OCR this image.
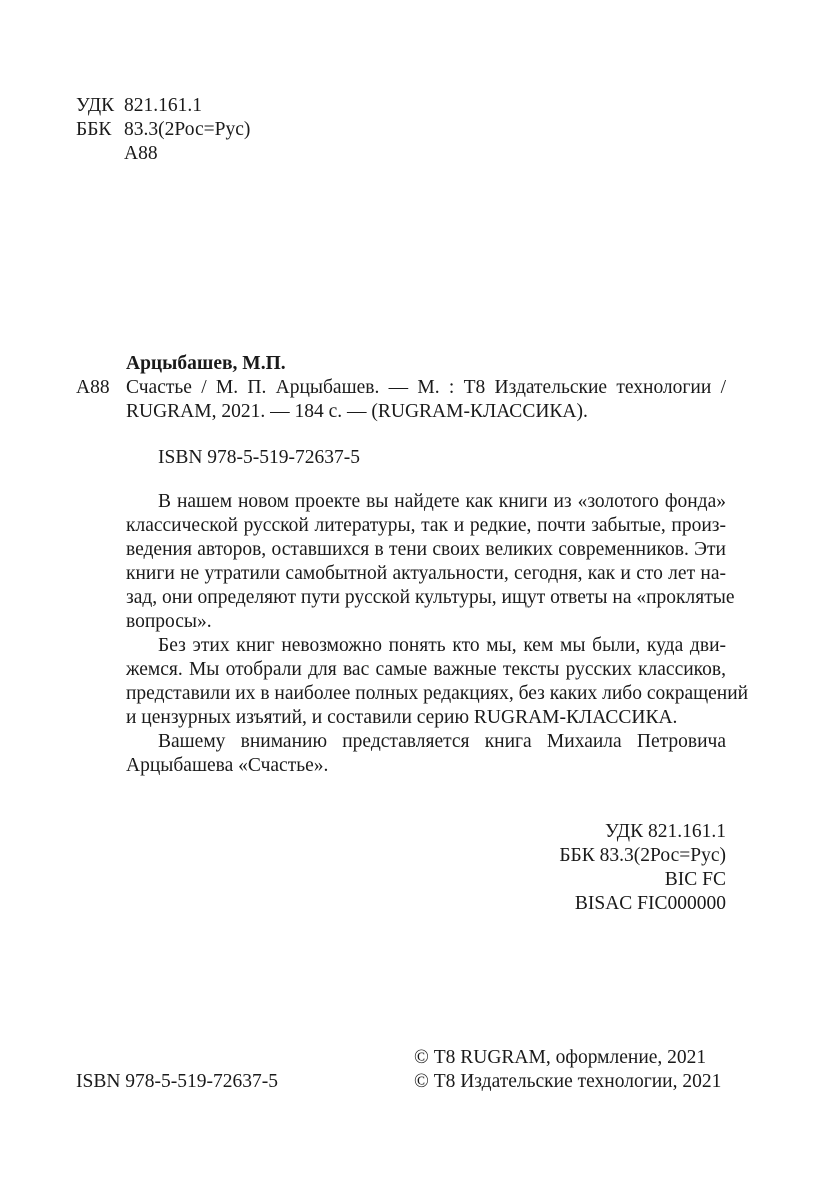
УДК 821.161.1
ББК 83.3(2Рос=Рус)
А88
Арцыбашев, М.П.
А88 Счастье / М. П. Арцыбашев. — М. : Т8 Издательские технологии /
RUGRAM, 2021. — 184 с. — (RUGRAM-КЛАССИКА).
ISBN 978-5-519-72637-5
В нашем новом проекте вы найдете как книги из «золотого фонда»
классической русской литературы, так и редкие, почти забытые, произ-
ведения авторов, оставшихся в тени своих великих современников. Эти
книги не утратили самобытной актуальности, сегодня, как и сто лет на-
зад, они определяют пути русской культуры, ищут ответы на «проклятые
вопросы».
Без этих книг невозможно понять кто мы, кем мы были, куда дви-
жемся. Мы отобрали для вас самые важные тексты русских классиков,
представили их в наиболее полных редакциях, без каких либо сокращений
и цензурных изъятий, и составили серию RUGRAM-КЛАССИКА.
Вашему вниманию представляется книга Михаила Петровича
Арцыбашева «Счастье».
УДК 821.161.1
ББК 83.3(2Рос=Рус)
BIC FC
BISAC FIC000000
ISBN 978-5-519-72637-5
© Т8 RUGRAM, оформление, 2021
© Т8 Издательские технологии, 2021
